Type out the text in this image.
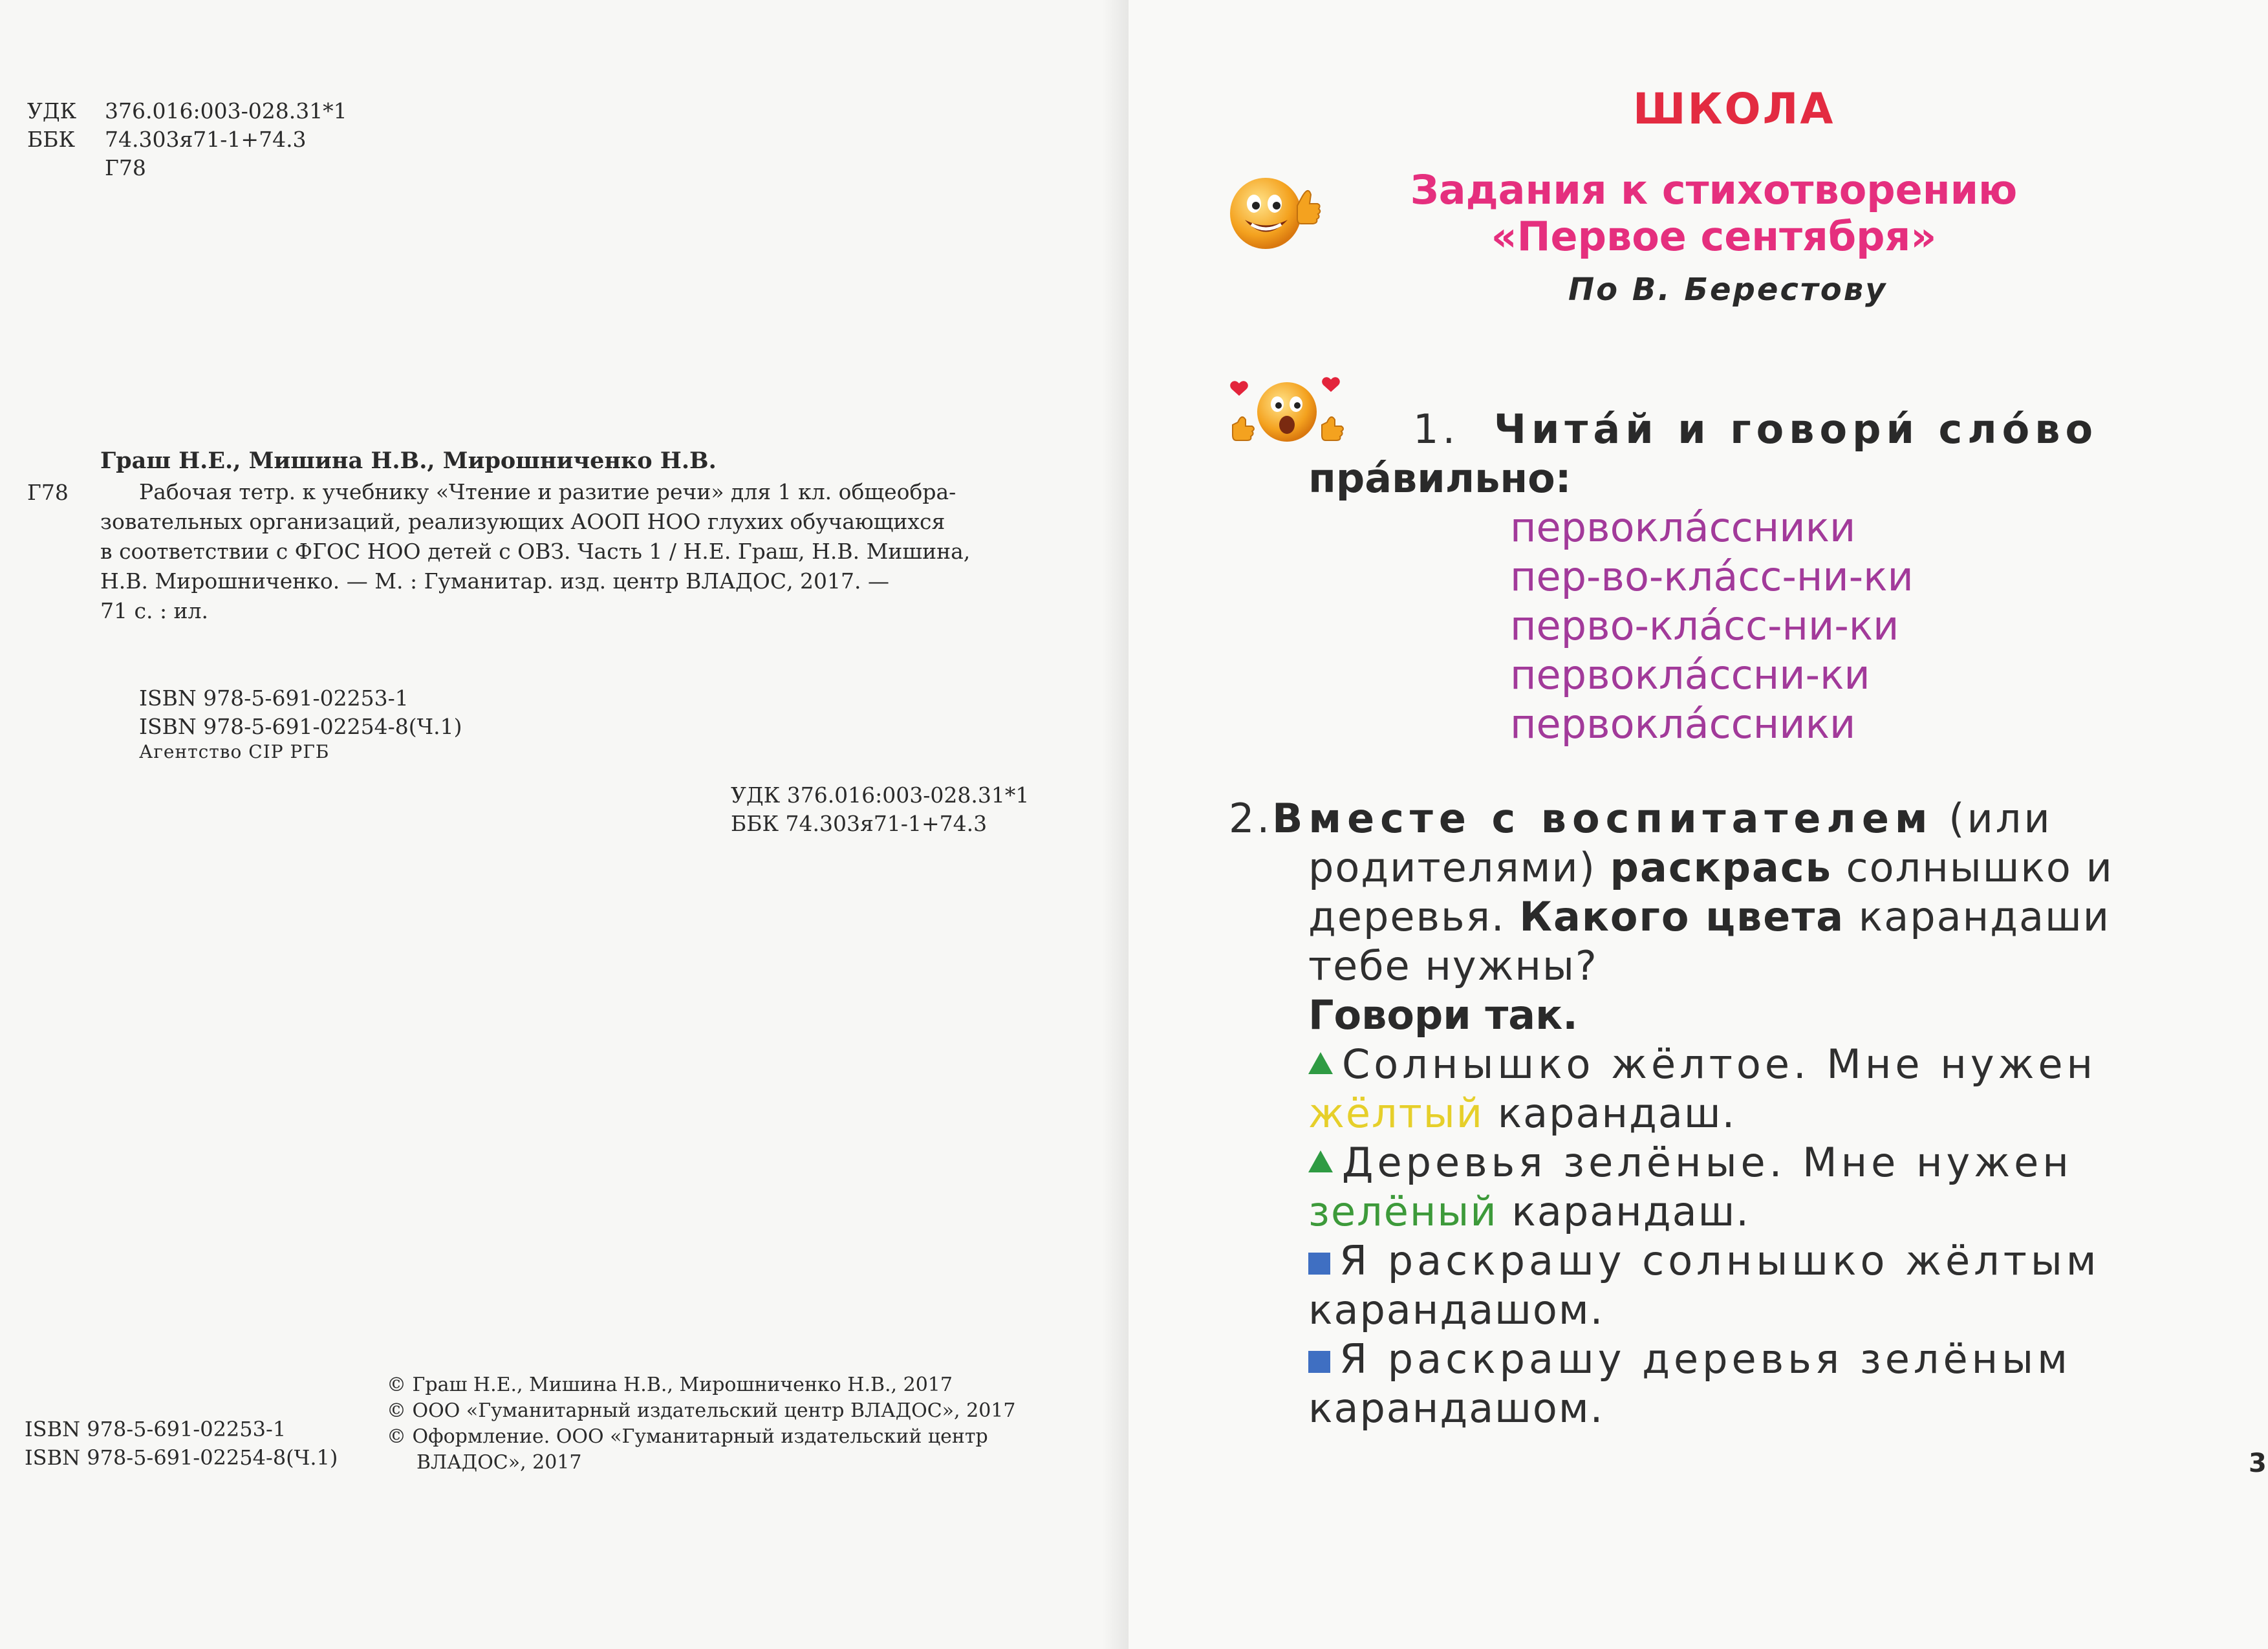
УДК 376.016:003-028.31*1
ББК 74.303я71-1+74.3
Г78
Граш Н.Е., Мишина Н.В., Мирошниченко Н.В.
Г78	Рабочая тетр. к учебнику «Чтение и разитие речи» для 1 кл. общеобра-
зовательных организаций, реализующих АООП НОО глухих обучающихся
в соответствии с ФГОС НОО детей с ОВЗ. Часть 1 / Н.Е. Граш, Н.В. Мишина,
Н.В. Мирошниченко. — М. : Гуманитар. изд. центр ВЛАДОС, 2017. —
71 с. : ил.
ISBN 978-5-691-02253-1
ISBN 978-5-691-02254-8(Ч.1)
Агентство CIP РГБ
УДК 376.016:003-028.31*1
ББК 74.303я71-1+74.3
ISBN 978-5-691-02253-1
ISBN 978-5-691-02254-8(Ч.1)
© Граш Н.Е., Мишина Н.В., Мирошниченко Н.В., 2017
© ООО «Гуманитарный издательский центр ВЛАДОС», 2017
© Оформление. ООО «Гуманитарный издательский центр
ВЛАДОС», 2017
ШКОЛА
Задания к стихотворению
«Первое сентября»
По В. Берестову
1. Чита́й и говори́ сло́во
пра́вильно:
первокла́ссники
пер-во-кла́сс-ни-ки
перво-кла́сс-ни-ки
первокла́ссни-ки
первокла́ссники
2.Вместе с воспитателем (или
родителями) раскрась солнышко и
деревья. Какого цвета карандаши
тебе нужны?
Говори так.
Солнышко жёлтое. Мне нужен
жёлтый карандаш.
Деревья зелёные. Мне нужен
зелёный карандаш.
Я раскрашу солнышко жёлтым
карандашом.
Я раскрашу деревья зелёным
карандашом.
3
